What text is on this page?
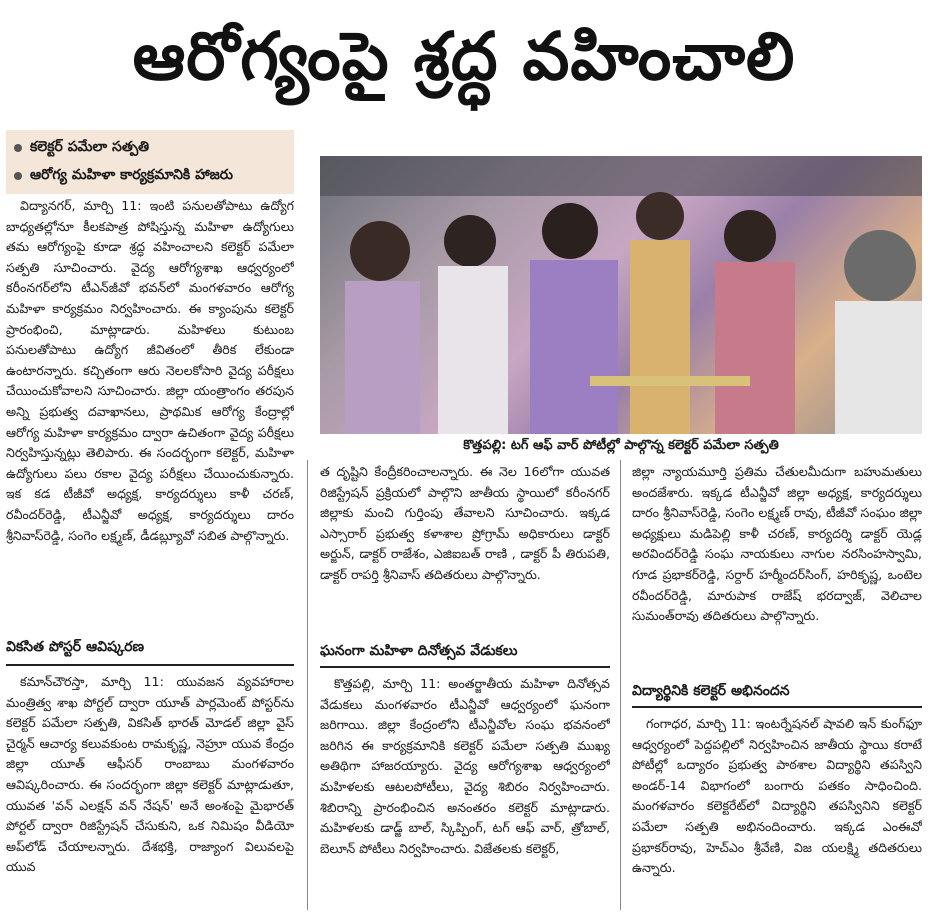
ఆరోగ్యంపై శ్రద్ధ వహించాలి
కలెక్టర్ పమేలా సత్పతి
ఆరోగ్య మహిళా కార్యక్రమానికి హాజరు
కొత్తపల్లి: టగ్ ఆఫ్ వార్ పోటీల్లో పాల్గొన్న కలెక్టర్ పమేలా సత్పతి

విద్యానగర్, మార్చి 11: ఇంటి పనులతోపాటు ఉద్యోగ బాధ్యతల్లోనూ కీలకపాత్ర పోషిస్తున్న మహిళా ఉద్యోగులు తమ ఆరోగ్యంపై కూడా శ్రద్ధ వహించాలని కలెక్టర్ పమేలా సత్పతి సూచించారు. వైద్య ఆరోగ్యశాఖ ఆధ్వర్యంలో కరీంనగర్‌లోని టీఎన్‌జీవో భవన్‌లో మంగళవారం ఆరోగ్య మహిళా కార్యక్రమం నిర్వహించారు. ఈ క్యాంపును కలెక్టర్ ప్రారంభించి, మాట్లాడారు. మహిళలు కుటుంబ పనులతోపాటు ఉద్యోగ జీవితంలో తీరిక లేకుండా ఉంటారన్నారు. కచ్చితంగా ఆరు నెలలకోసారి వైద్య పరీక్షలు చేయించుకోవాలని సూచించారు. జిల్లా యంత్రాంగం తరపున అన్ని ప్రభుత్వ దవాఖానలు, ప్రాథమిక ఆరోగ్య కేంద్రాల్లో ఆరోగ్య మహిళా కార్యక్రమం ద్వారా ఉచితంగా వైద్య పరీక్షలు నిర్వహిస్తున్నట్లు తెలిపారు. ఈ సందర్భంగా కలెక్టర్, మహిళా ఉద్యోగులు పలు రకాల వైద్య పరీక్షలు చేయించుకున్నారు. ఇక కడ టీజీవో అధ్యక్ష, కార్యదర్శులు కాళీ చరణ్, రవీందర్‌రెడ్డి, టీఎన్జీవో అధ్యక్ష, కార్యదర్శులు దారం శ్రీనివాస్‌రెడ్డి, సంగెం లక్ష్మణ్, డీడబ్ల్యూవో సబిత పాల్గొన్నారు.

వికసిత పోస్టర్ ఆవిష్కరణ

కమాన్‌చౌరస్తా, మార్చి 11: యువజన వ్యవహారాల మంత్రిత్వ శాఖ పోర్టల్ ద్వారా యూత్ పార్లమెంట్ పోస్టర్‌ను కలెక్టర్ పమేలా సత్పతి, వికసిత్ భారత్ మోడల్ జిల్లా వైస్ చైర్మన్ ఆచార్య కలువకుంట రామకృష్ణ, నెహ్రూ యువ కేంద్రం జిల్లా యూత్ ఆఫీసర్ రాంబాబు మంగళవారం ఆవిష్కరించారు. ఈ సందర్భంగా జిల్లా కలెక్టర్ మాట్లాడుతూ, యువత 'వన్ ఎలక్షన్ వన్ నేషన్' అనే అంశంపై మైభారత్ పోర్టల్ ద్వారా రిజిస్ట్రేషన్ చేసుకుని, ఒక నిమిషం వీడియో అప్‌లోడ్ చేయాలన్నారు. దేశభక్తి, రాజ్యాంగ విలువలపై యువ

త దృష్టిని కేంద్రీకరించాలన్నారు. ఈ నెల 16లోగా యువత రిజిస్ట్రేషన్ ప్రక్రియలో పాల్గొని జాతీయ స్థాయిలో కరీంనగర్ జిల్లాకు మంచి గుర్తింపు తేవాలని సూచించారు. ఇక్కడ ఎస్సారార్ ప్రభుత్వ కళాశాల ప్రోగ్రామ్ అధికారులు డాక్టర్ అర్జున్, డాక్టర్ రాజేశం, ఎజిఐబత్ రాణి , డాక్టర్ పీ తిరుపతి, డాక్టర్ రాపర్తి శ్రీనివాస్ తదితరులు పాల్గొన్నారు.

ఘనంగా మహిళా దినోత్సవ వేడుకలు

కొత్తపల్లి, మార్చి 11: అంతర్జాతీయ మహిళా దినోత్సవ వేడుకలు మంగళవారం టీఎన్జీవో ఆధ్వర్యంలో ఘనంగా జరిగాయి. జిల్లా కేంద్రంలోని టీఎన్జీవోల సంఘ భవనంలో జరిగిన ఈ కార్యక్రమానికి కలెక్టర్ పమేలా సత్పతి ముఖ్య అతిథిగా హాజరయ్యారు. వైద్య ఆరోగ్యశాఖ ఆధ్వర్యంలో మహిళలకు ఆటలపోటీలు, వైద్య శిబిరం నిర్వహించారు. శిబిరాన్ని ప్రారంభించిన అనంతరం కలెక్టర్ మాట్లాడారు. మహిళలకు డాడ్జ్ బాల్, స్కిప్పింగ్, టగ్ ఆఫ్ వార్, త్రోబాల్, బెలూన్ పోటీలు నిర్వహించారు. విజేతలకు కలెక్టర్,

జిల్లా న్యాయమూర్తి ప్రతిమ చేతులమీదుగా బహుమతులు అందజేశారు. ఇక్కడ టీఎన్జీవో జిల్లా అధ్యక్ష, కార్యదర్శులు దారం శ్రీనివాస్‌రెడ్డి, సంగెం లక్ష్మణ్ రావు, టీజీవో సంఘం జిల్లా అధ్యక్షులు మడిపెల్లి కాళీ చరణ్, కార్యదర్శి డాక్టర్ యెడ్ల అరవిందర్‌రెడ్డి సంఘ నాయకులు నాగుల నరసింహస్వామి, గూడ ప్రభాకర్‌రెడ్డి, సర్దార్ హర్మీందర్‌సింగ్, హరికృష్ణ, ఒంటెల రవీందర్‌రెడ్డి, మారుపాక రాజేష్ భరద్వాజ్, వెలిచాల సుమంత్‌రావు తదితరులు పాల్గొన్నారు.

విద్యార్థినికి కలెక్టర్ అభినందన

గంగాధర, మార్చి 11: ఇంటర్నేషనల్ షావలి ఇన్ కుంగ్‌ఫూ ఆధ్వర్యంలో పెద్దపల్లిలో నిర్వహించిన జాతీయ స్థాయి కరాటే పోటీల్లో ఒద్యారం ప్రభుత్వ పాఠశాల విద్యార్థిని తపస్విని అండర్-14 విభాగంలో బంగారు పతకం సాధించింది. మంగళవారం కలెక్టరేట్‌లో విద్యార్థిని తపస్వినిని కలెక్టర్ పమేలా సత్పతి అభినందించారు. ఇక్కడ ఎంఈవో ప్రభాకర్‌రావు, హెచ్‌ఎం శ్రీవేణి, విజ యలక్ష్మి తదితరులు ఉన్నారు.
